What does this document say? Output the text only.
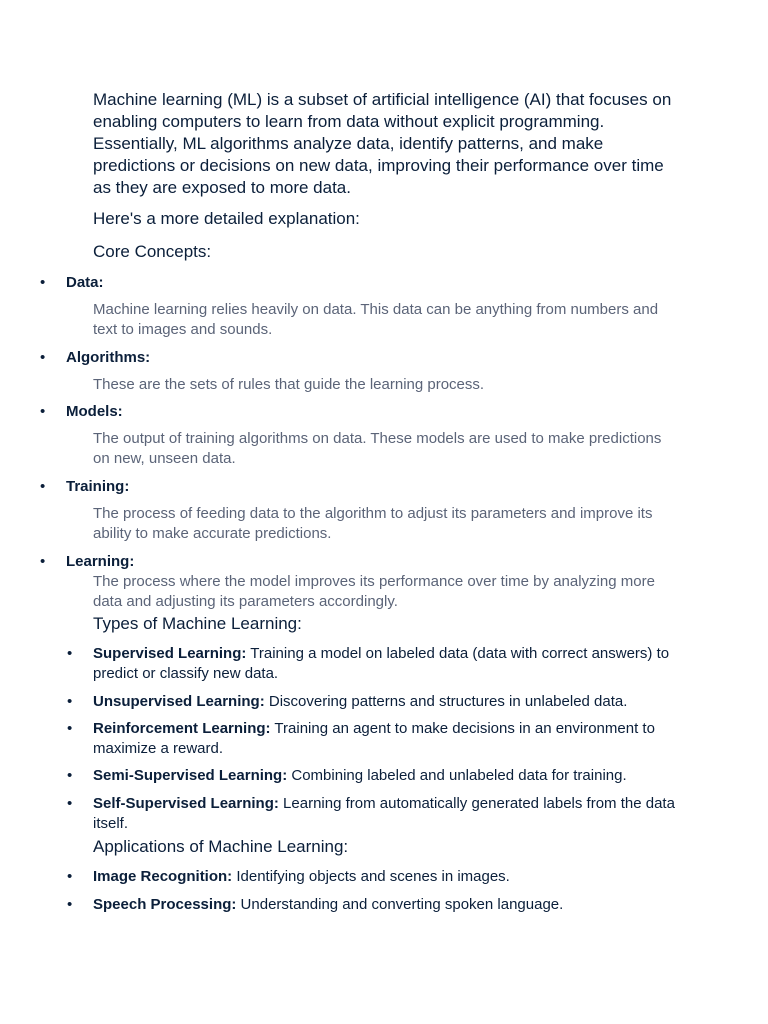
Machine learning (ML) is a subset of artificial intelligence (AI) that focuses on enabling computers to learn from data without explicit programming. Essentially, ML algorithms analyze data, identify patterns, and make predictions or decisions on new data, improving their performance over time as they are exposed to more data.

Here's a more detailed explanation:

Core Concepts:

•	Data:

Machine learning relies heavily on data. This data can be anything from numbers and text to images and sounds.

•	Algorithms:

These are the sets of rules that guide the learning process.

•	Models:

The output of training algorithms on data. These models are used to make predictions on new, unseen data.

•	Training:

The process of feeding data to the algorithm to adjust its parameters and improve its ability to make accurate predictions.

•	Learning:

The process where the model improves its performance over time by analyzing more data and adjusting its parameters accordingly.

Types of Machine Learning:

• Supervised Learning: Training a model on labeled data (data with correct answers) to predict or classify new data.
• Unsupervised Learning: Discovering patterns and structures in unlabeled data.
• Reinforcement Learning: Training an agent to make decisions in an environment to maximize a reward.
• Semi-Supervised Learning: Combining labeled and unlabeled data for training.
• Self-Supervised Learning: Learning from automatically generated labels from the data itself.

Applications of Machine Learning:

• Image Recognition: Identifying objects and scenes in images.
• Speech Processing: Understanding and converting spoken language.
